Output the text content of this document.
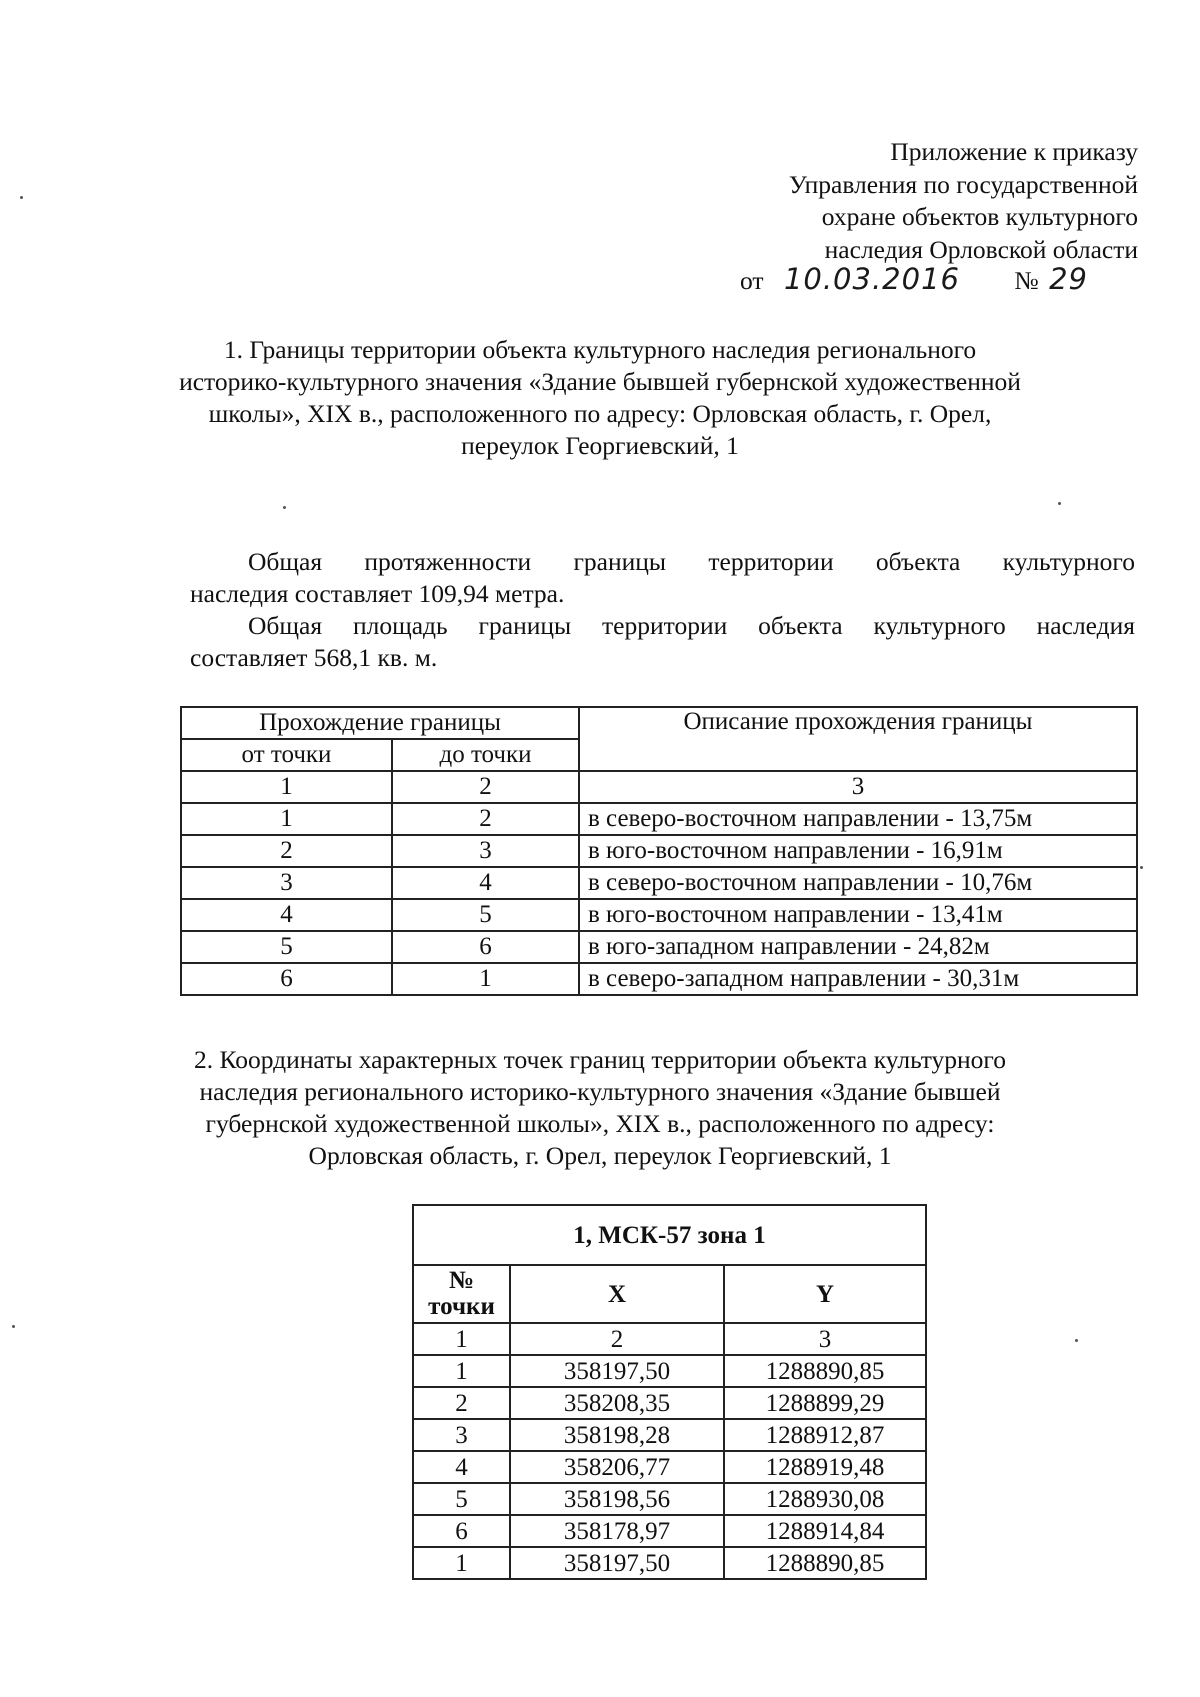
Приложение к приказу
Управления по государственной
охране объектов культурного
наследия Орловской области
от 10.03.2016 № 29
1. Границы территории объекта культурного наследия регионального
историко-культурного значения «Здание бывшей губернской художественной
школы», XIX в., расположенного по адресу: Орловская область, г. Орел,
переулок Георгиевский, 1
Общая протяженности границы территории объекта культурного
наследия составляет 109,94 метра.
Общая площадь границы территории объекта культурного наследия
составляет 568,1 кв. м.
Прохождение границы		Описание прохождения границы
от точки	до точки	
1	2	3
1	2	в северо-восточном направлении - 13,75м
2	3	в юго-восточном направлении - 16,91м
3	4	в северо-восточном направлении - 10,76м
4	5	в юго-восточном направлении - 13,41м
5	6	в юго-западном направлении - 24,82м
6	1	в северо-западном направлении - 30,31м
2. Координаты характерных точек границ территории объекта культурного
наследия регионального историко-культурного значения «Здание бывшей
губернской художественной школы», XIX в., расположенного по адресу:
Орловская область, г. Орел, переулок Георгиевский, 1
1, МСК-57 зона 1		

№
точки	X	Y
1	2	3
1	358197,50	1288890,85
2	358208,35	1288899,29
3	358198,28	1288912,87
4	358206,77	1288919,48
5	358198,56	1288930,08
6	358178,97	1288914,84
1	358197,50	1288890,85
